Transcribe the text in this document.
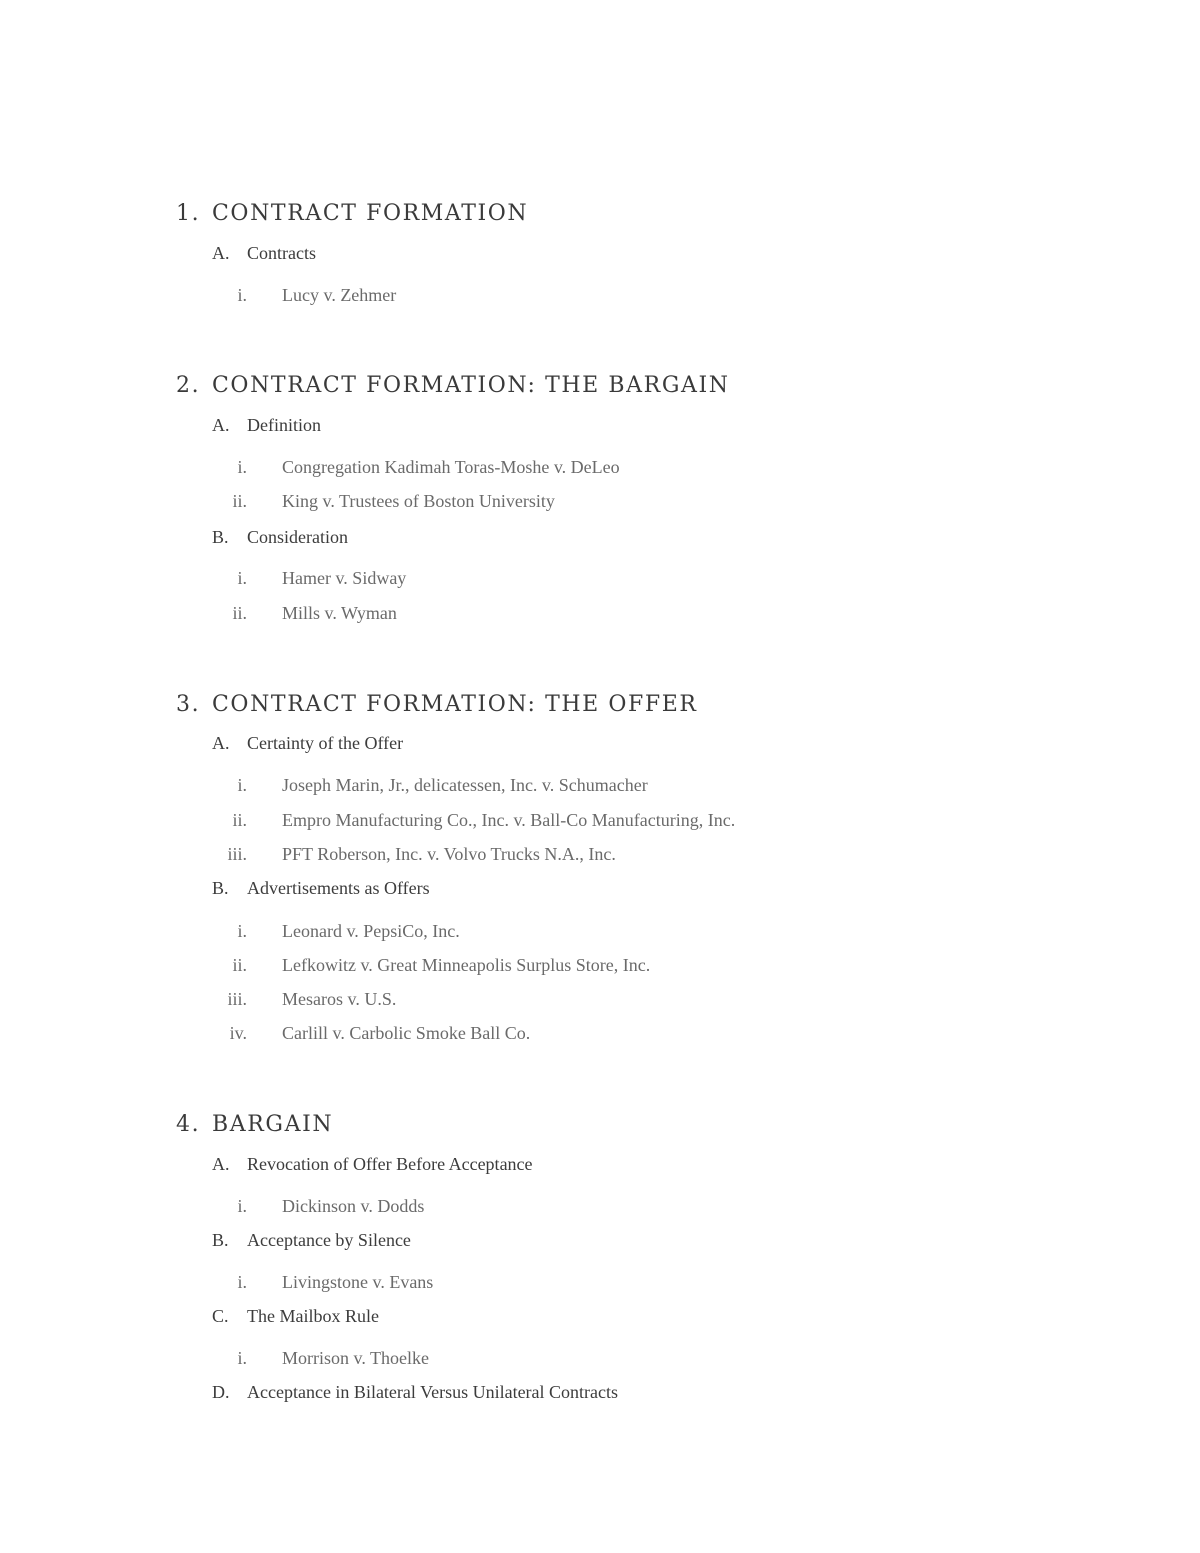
1. CONTRACT FORMATION
A. Contracts
i. Lucy v. Zehmer
2. CONTRACT FORMATION: THE BARGAIN
A. Definition
i. Congregation Kadimah Toras-Moshe v. DeLeo
ii. King v. Trustees of Boston University
B. Consideration
i. Hamer v. Sidway
ii. Mills v. Wyman
3. CONTRACT FORMATION: THE OFFER
A. Certainty of the Offer
i. Joseph Marin, Jr., delicatessen, Inc. v. Schumacher
ii. Empro Manufacturing Co., Inc. v. Ball-Co Manufacturing, Inc.
iii. PFT Roberson, Inc. v. Volvo Trucks N.A., Inc.
B. Advertisements as Offers
i. Leonard v. PepsiCo, Inc.
ii. Lefkowitz v. Great Minneapolis Surplus Store, Inc.
iii. Mesaros v. U.S.
iv. Carlill v. Carbolic Smoke Ball Co.
4. BARGAIN
A. Revocation of Offer Before Acceptance
i. Dickinson v. Dodds
B. Acceptance by Silence
i. Livingstone v. Evans
C. The Mailbox Rule
i. Morrison v. Thoelke
D. Acceptance in Bilateral Versus Unilateral Contracts
